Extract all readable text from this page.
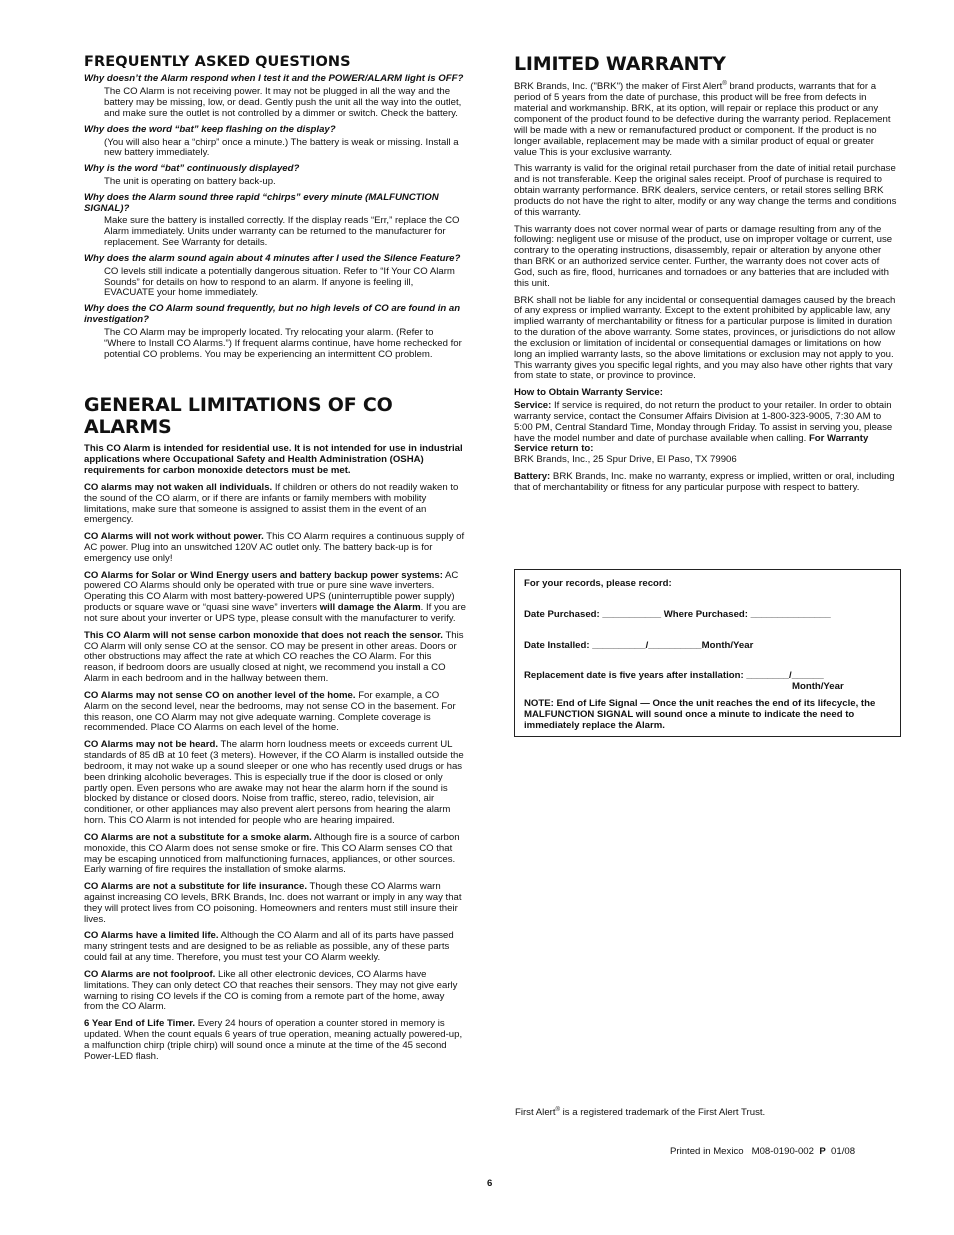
FREQUENTLY ASKED QUESTIONS

Why doesn’t the Alarm respond when I test it and the POWER/ALARM light is OFF?

The CO Alarm is not receiving power. It may not be plugged in all the way and the battery may be missing, low, or dead. Gently push the unit all the way into the outlet, and make sure the outlet is not controlled by a dimmer or switch. Check the battery.

Why does the word “bat” keep flashing on the display?

(You will also hear a “chirp” once a minute.) The battery is weak or missing. Install a new battery immediately.

Why is the word “bat” continuously displayed?

The unit is operating on battery back-up.

Why does the Alarm sound three rapid “chirps” every minute (MALFUNCTION SIGNAL)?

Make sure the battery is installed correctly. If the display reads “Err,” replace the CO Alarm immediately. Units under warranty can be returned to the manufacturer for replacement. See Warranty for details.

Why does the alarm sound again about 4 minutes after I used the Silence Feature?

CO levels still indicate a potentially dangerous situation. Refer to “If Your CO Alarm Sounds” for details on how to respond to an alarm. If anyone is feeling ill, EVACUATE your home immediately.

Why does the CO Alarm sound frequently, but no high levels of CO are found in an investigation?

The CO Alarm may be improperly located. Try relocating your alarm. (Refer to “Where to Install CO Alarms.”) If frequent alarms continue, have home rechecked for potential CO problems. You may be experiencing an intermittent CO problem.

GENERAL LIMITATIONS OF CO ALARMS

This CO Alarm is intended for residential use. It is not intended for use in industrial applications where Occupational Safety and Health Administration (OSHA) requirements for carbon monoxide detectors must be met.

CO alarms may not waken all individuals. If children or others do not readily waken to the sound of the CO alarm, or if there are infants or family members with mobility limitations, make sure that someone is assigned to assist them in the event of an emergency.

CO Alarms will not work without power. This CO Alarm requires a continuous supply of AC power. Plug into an unswitched 120V AC outlet only. The battery back-up is for emergency use only!

CO Alarms for Solar or Wind Energy users and battery backup power systems: AC powered CO Alarms should only be operated with true or pure sine wave inverters. Operating this CO Alarm with most battery-powered UPS (uninterruptible power supply) products or square wave or “quasi sine wave” inverters will damage the Alarm. If you are not sure about your inverter or UPS type, please consult with the manufacturer to verify.

This CO Alarm will not sense carbon monoxide that does not reach the sensor. This CO Alarm will only sense CO at the sensor. CO may be present in other areas. Doors or other obstructions may affect the rate at which CO reaches the CO Alarm. For this reason, if bedroom doors are usually closed at night, we recommend you install a CO Alarm in each bedroom and in the hallway between them.

CO Alarms may not sense CO on another level of the home. For example, a CO Alarm on the second level, near the bedrooms, may not sense CO in the basement. For this reason, one CO Alarm may not give adequate warning. Complete coverage is recommended. Place CO Alarms on each level of the home.

CO Alarms may not be heard. The alarm horn loudness meets or exceeds current UL standards of 85 dB at 10 feet (3 meters). However, if the CO Alarm is installed outside the bedroom, it may not wake up a sound sleeper or one who has recently used drugs or has been drinking alcoholic beverages. This is especially true if the door is closed or only partly open. Even persons who are awake may not hear the alarm horn if the sound is blocked by distance or closed doors. Noise from traffic, stereo, radio, television, air conditioner, or other appliances may also prevent alert persons from hearing the alarm horn. This CO Alarm is not intended for people who are hearing impaired.

CO Alarms are not a substitute for a smoke alarm. Although fire is a source of carbon monoxide, this CO Alarm does not sense smoke or fire. This CO Alarm senses CO that may be escaping unnoticed from malfunctioning furnaces, appliances, or other sources. Early warning of fire requires the installation of smoke alarms.

CO Alarms are not a substitute for life insurance. Though these CO Alarms warn against increasing CO levels, BRK Brands, Inc. does not warrant or imply in any way that they will protect lives from CO poisoning. Homeowners and renters must still insure their lives.

CO Alarms have a limited life. Although the CO Alarm and all of its parts have passed many stringent tests and are designed to be as reliable as possible, any of these parts could fail at any time. Therefore, you must test your CO Alarm weekly.

CO Alarms are not foolproof. Like all other electronic devices, CO Alarms have limitations. They can only detect CO that reaches their sensors. They may not give early warning to rising CO levels if the CO is coming from a remote part of the home, away from the CO Alarm.

6 Year End of Life Timer. Every 24 hours of operation a counter stored in memory is updated. When the count equals 6 years of true operation, meaning actually powered-up, a malfunction chirp (triple chirp) will sound once a minute at the time of the 45 second Power-LED flash.

LIMITED WARRANTY

BRK Brands, Inc. ("BRK") the maker of First Alert® brand products, warrants that for a period of 5 years from the date of purchase, this product will be free from defects in material and workmanship. BRK, at its option, will repair or replace this product or any component of the product found to be defective during the warranty period. Replacement will be made with a new or remanufactured product or component. If the product is no longer available, replacement may be made with a similar product of equal or greater value This is your exclusive warranty.

This warranty is valid for the original retail purchaser from the date of initial retail purchase and is not transferable. Keep the original sales receipt. Proof of purchase is required to obtain warranty performance. BRK dealers, service centers, or retail stores selling BRK products do not have the right to alter, modify or any way change the terms and conditions of this warranty.

This warranty does not cover normal wear of parts or damage resulting from any of the following: negligent use or misuse of the product, use on improper voltage or current, use contrary to the operating instructions, disassembly, repair or alteration by anyone other than BRK or an authorized service center. Further, the warranty does not cover acts of God, such as fire, flood, hurricanes and tornadoes or any batteries that are included with this unit.

BRK shall not be liable for any incidental or consequential damages caused by the breach of any express or implied warranty. Except to the extent prohibited by applicable law, any implied warranty of merchantability or fitness for a particular purpose is limited in duration to the duration of the above warranty. Some states, provinces, or jurisdictions do not allow the exclusion or limitation of incidental or consequential damages or limitations on how long an implied warranty lasts, so the above limitations or exclusion may not apply to you. This warranty gives you specific legal rights, and you may also have other rights that vary from state to state, or province to province.

How to Obtain Warranty Service:

Service: If service is required, do not return the product to your retailer. In order to obtain warranty service, contact the Consumer Affairs Division at 1-800-323-9005, 7:30 AM to 5:00 PM, Central Standard Time, Monday through Friday. To assist in serving you, please have the model number and date of purchase available when calling. For Warranty Service return to:
BRK Brands, Inc., 25 Spur Drive, El Paso, TX 79906

Battery: BRK Brands, Inc. make no warranty, express or implied, written or oral, including that of merchantability or fitness for any particular purpose with respect to battery.

For your records, please record:

Date Purchased: ___________ Where Purchased: _______________

Date Installed: __________/__________Month/Year

Replacement date is five years after installation: ________/______

Month/Year

NOTE: End of Life Signal — Once the unit reaches the end of its lifecycle, the MALFUNCTION SIGNAL will sound once a minute to indicate the need to immediately replace the Alarm.

First Alert® is a registered trademark of the First Alert Trust.
Printed in Mexico   M08-0190-002  P  01/08
6
